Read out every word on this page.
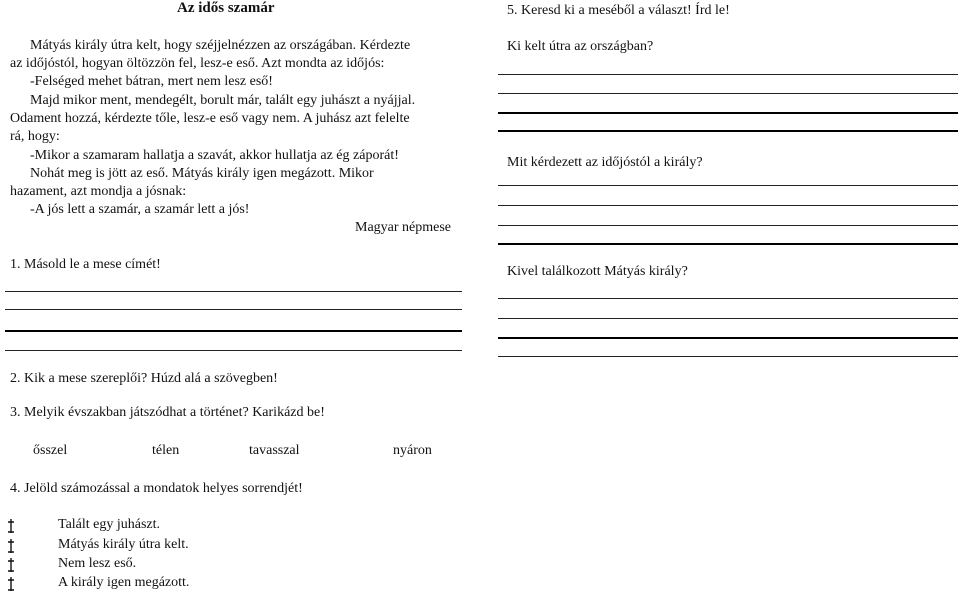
Az idős szamár
Mátyás király útra kelt, hogy széjjelnézzen az országában. Kérdezte
az időjóstól, hogyan öltözzön fel, lesz-e eső. Azt mondta az időjós:
-Felséged mehet bátran, mert nem lesz eső!
Majd mikor ment, mendegélt, borult már, talált egy juhászt a nyájjal.
Odament hozzá, kérdezte tőle, lesz-e eső vagy nem. A juhász azt felelte
rá, hogy:
-Mikor a szamaram hallatja a szavát, akkor hullatja az ég záporát!
Nohát meg is jött az eső. Mátyás király igen megázott. Mikor
hazament, azt mondja a jósnak:
-A jós lett a szamár, a szamár lett a jós!
Magyar népmese
1. Másold le a mese címét!
2. Kik a mese szereplői? Húzd alá a szövegben!
3. Melyik évszakban játszódhat a történet? Karikázd be!
ősszel	télen	tavasszal	nyáron
4. Jelöld számozással a mondatok helyes sorrendjét!
Talált egy juhászt.
Mátyás király útra kelt.
Nem lesz eső.
A király igen megázott.
5. Keresd ki a meséből a választ! Írd le!
Ki kelt útra az országban?
Mit kérdezett az időjóstól a király?
Kivel találkozott Mátyás király?
